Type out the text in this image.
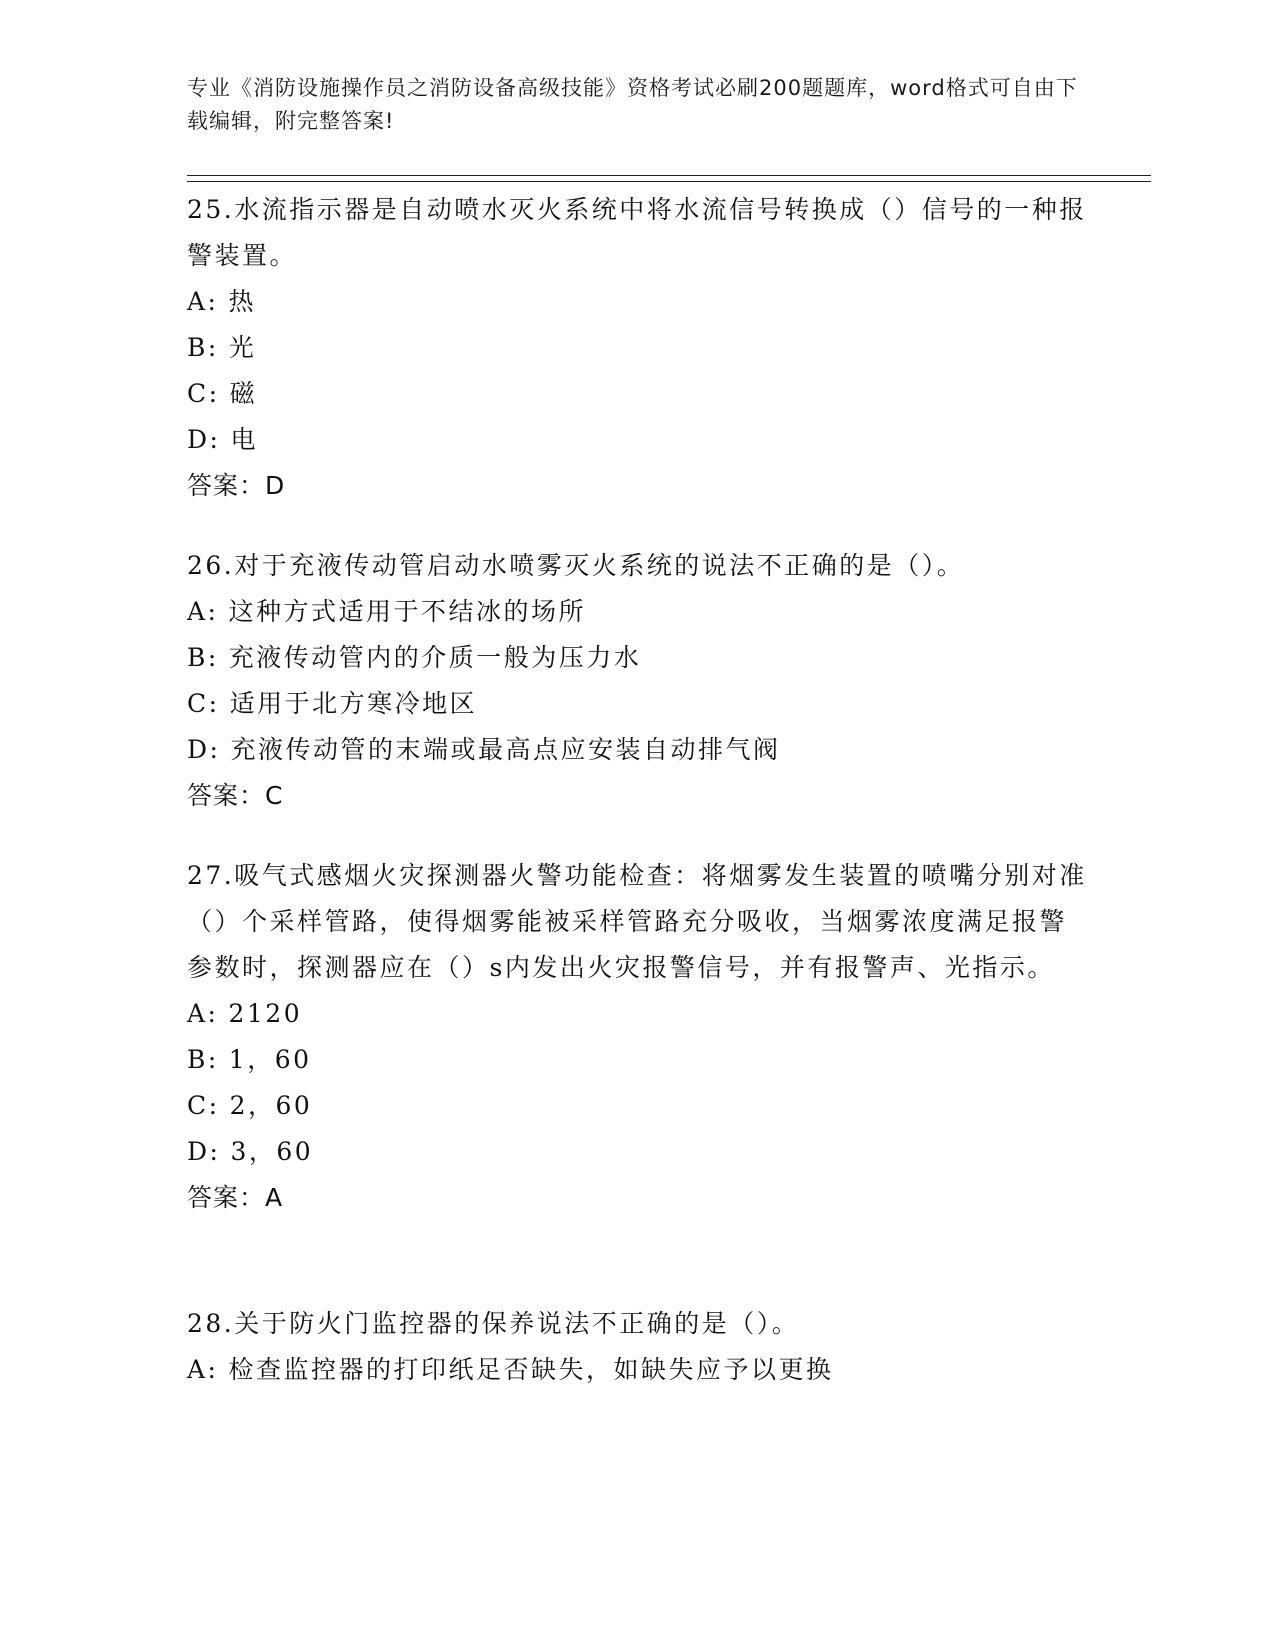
专业《消防设施操作员之消防设备高级技能》资格考试必刷200题题库，word格式可自由下载编辑，附完整答案!
25.水流指示器是自动喷水灭火系统中将水流信号转换成（）信号的一种报警装置。
A: 热
B: 光
C: 磁
D: 电
答案：D
26.对于充液传动管启动水喷雾灭火系统的说法不正确的是（）。
A: 这种方式适用于不结冰的场所
B: 充液传动管内的介质一般为压力水
C: 适用于北方寒冷地区
D: 充液传动管的末端或最高点应安装自动排气阀
答案：C
27.吸气式感烟火灾探测器火警功能检查：将烟雾发生装置的喷嘴分别对准（）个采样管路，使得烟雾能被采样管路充分吸收，当烟雾浓度满足报警参数时，探测器应在（）s内发出火灾报警信号，并有报警声、光指示。
A: 2120
B: 1，60
C: 2，60
D: 3，60
答案：A
28.关于防火门监控器的保养说法不正确的是（）。
A: 检查监控器的打印纸足否缺失，如缺失应予以更换
